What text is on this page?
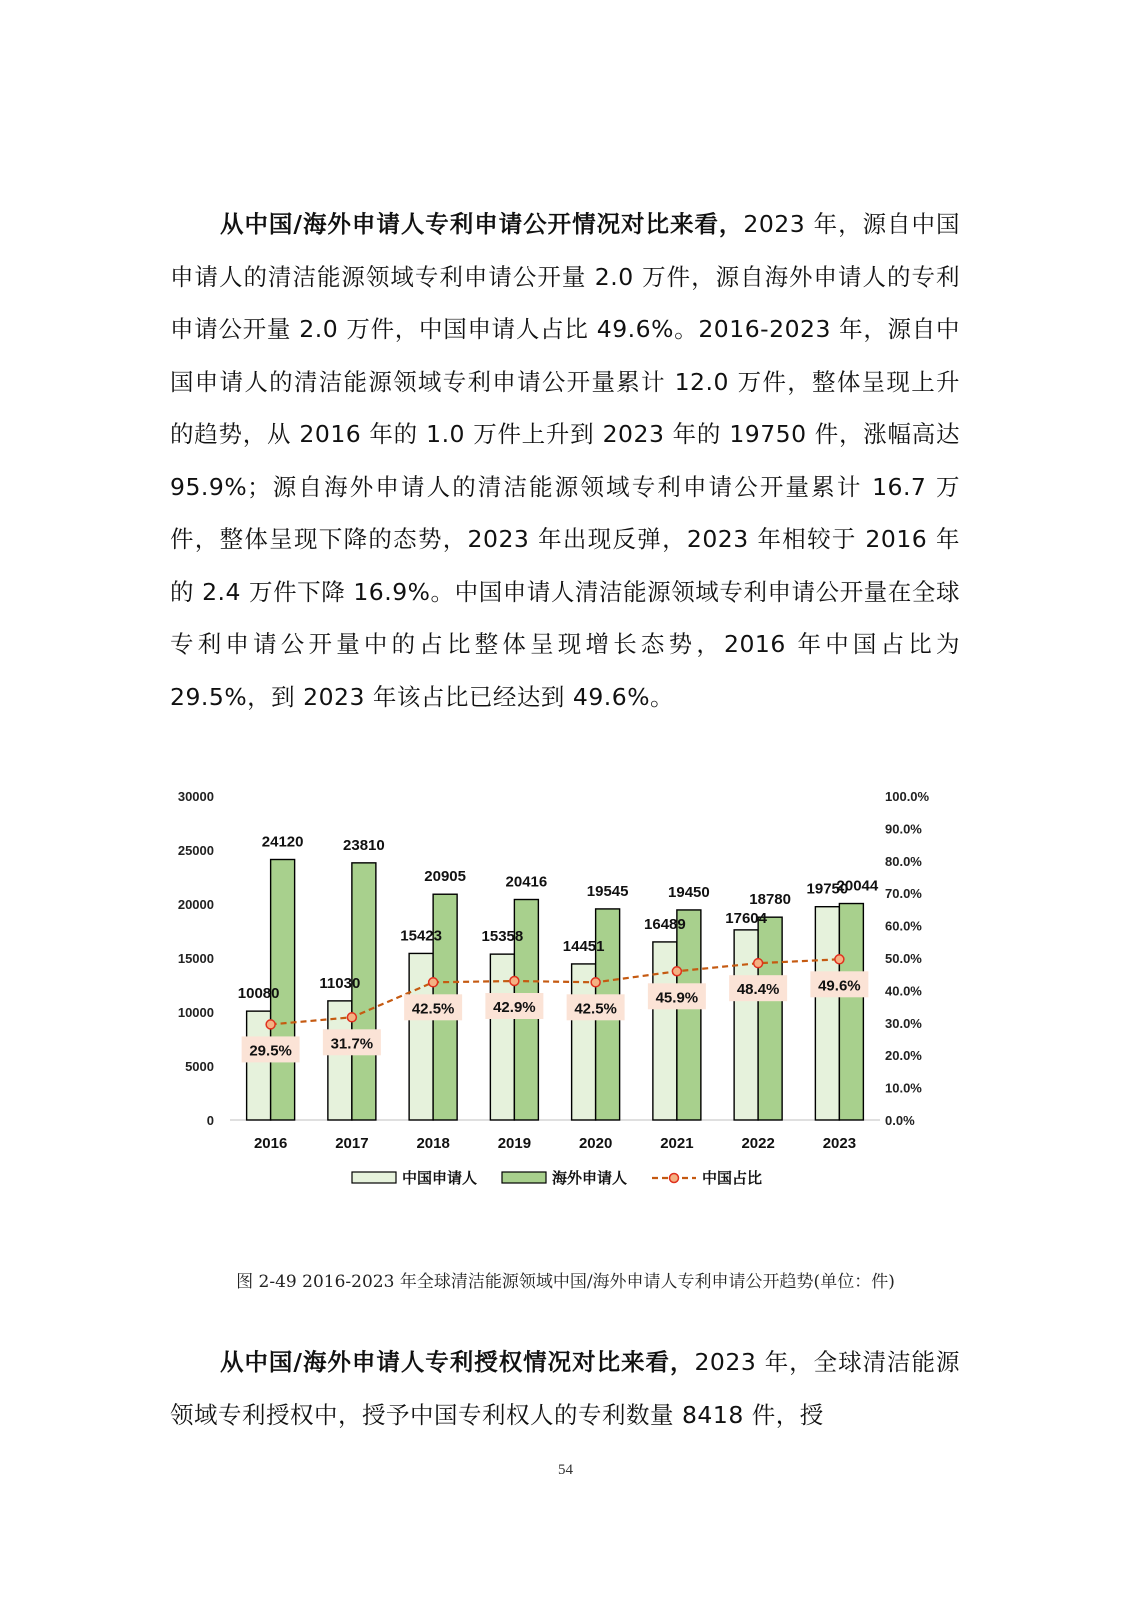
从中国/海外申请人专利申请公开情况对比来看，2023 年，源自中国申请人的清洁能源领域专利申请公开量 2.0 万件，源自海外申请人的专利申请公开量 2.0 万件，中国申请人占比 49.6%。2016-2023 年，源自中国申请人的清洁能源领域专利申请公开量累计 12.0 万件，整体呈现上升的趋势，从 2016 年的 1.0 万件上升到 2023 年的 19750 件，涨幅高达 95.9%；源自海外申请人的清洁能源领域专利申请公开量累计 16.7 万件，整体呈现下降的态势，2023 年出现反弹，2023 年相较于 2016 年的 2.4 万件下降 16.9%。中国申请人清洁能源领域专利申请公开量在全球专利申请公开量中的占比整体呈现增长态势，2016 年中国占比为 29.5%，到 2023 年该占比已经达到 49.6%。
0
5000
10000
15000
20000
25000
30000
0.0%
10.0%
20.0%
30.0%
40.0%
50.0%
60.0%
70.0%
80.0%
90.0%
100.0%
10080
24120
2016
11030
23810
2017
15423
20905
2018
15358
20416
2019
14451
19545
2020
16489
19450
2021
17604
18780
2022
19750
20044
2023
29.5%	31.7%
42.5%	42.9%	42.5%
45.9%	48.4%	49.6%
中国申请人	海外申请人	中国占比
图 2-49 2016-2023 年全球清洁能源领域中国/海外申请人专利申请公开趋势(单位：件)
从中国/海外申请人专利授权情况对比来看，2023 年，全球清洁能源领域专利授权中，授予中国专利权人的专利数量 8418 件，授
54
